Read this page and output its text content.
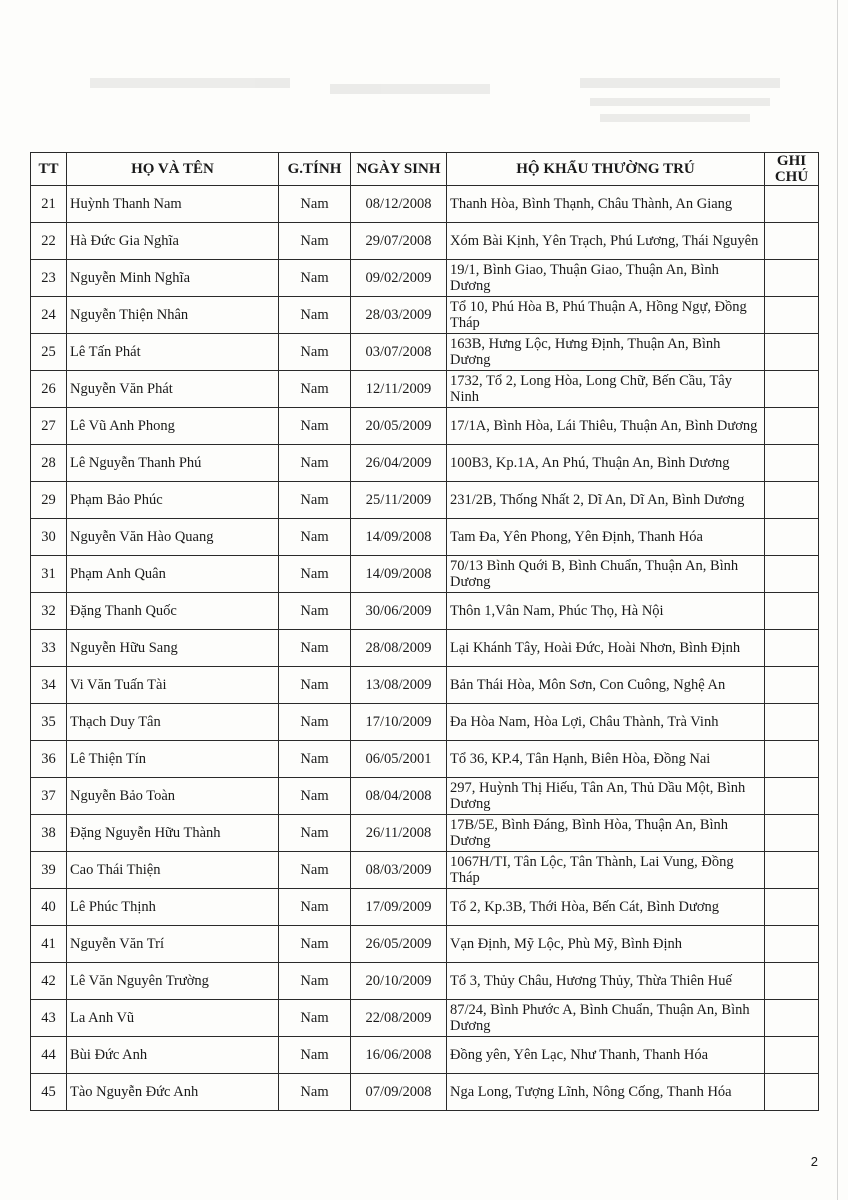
TT	HỌ VÀ TÊN	G.TÍNH	NGÀY SINH	HỘ KHẨU THƯỜNG TRÚ	GHI CHÚ
21	Huỳnh Thanh Nam	Nam	08/12/2008	Thanh Hòa, Bình Thạnh, Châu Thành, An Giang	
22	Hà Đức Gia Nghĩa	Nam	29/07/2008	Xóm Bài Kịnh, Yên Trạch, Phú Lương, Thái Nguyên	
23	Nguyễn Minh Nghĩa	Nam	09/02/2009	19/1, Bình Giao, Thuận Giao, Thuận An, Bình Dương	
24	Nguyễn Thiện Nhân	Nam	28/03/2009	Tổ 10, Phú Hòa B, Phú Thuận A, Hồng Ngự, Đồng Tháp	
25	Lê Tấn Phát	Nam	03/07/2008	163B, Hưng Lộc, Hưng Định, Thuận An, Bình Dương	
26	Nguyễn Văn Phát	Nam	12/11/2009	1732, Tổ 2, Long Hòa, Long Chữ, Bến Cầu, Tây Ninh	
27	Lê Vũ Anh Phong	Nam	20/05/2009	17/1A, Bình Hòa, Lái Thiêu, Thuận An, Bình Dương	
28	Lê Nguyễn Thanh Phú	Nam	26/04/2009	100B3, Kp.1A, An Phú, Thuận An, Bình Dương	
29	Phạm Bảo Phúc	Nam	25/11/2009	231/2B, Thống Nhất 2, Dĩ An, Dĩ An, Bình Dương	
30	Nguyễn Văn Hào Quang	Nam	14/09/2008	Tam Đa, Yên Phong, Yên Định, Thanh Hóa	
31	Phạm Anh Quân	Nam	14/09/2008	70/13 Bình Quới B, Bình Chuẩn, Thuận An, Bình Dương	
32	Đặng Thanh Quốc	Nam	30/06/2009	Thôn 1,Vân Nam, Phúc Thọ, Hà Nội	
33	Nguyễn Hữu Sang	Nam	28/08/2009	Lại Khánh Tây, Hoài Đức, Hoài Nhơn, Bình Định	
34	Vi Văn Tuấn Tài	Nam	13/08/2009	Bản Thái Hòa, Môn Sơn, Con Cuông, Nghệ An	
35	Thạch Duy Tân	Nam	17/10/2009	Đa Hòa Nam, Hòa Lợi, Châu Thành, Trà Vinh	
36	Lê Thiện Tín	Nam	06/05/2001	Tổ 36, KP.4, Tân Hạnh, Biên Hòa, Đồng Nai	
37	Nguyễn Bảo Toàn	Nam	08/04/2008	297, Huỳnh Thị Hiếu, Tân An, Thủ Dầu Một, Bình Dương	
38	Đặng Nguyễn Hữu Thành	Nam	26/11/2008	17B/5E, Bình Đáng, Bình Hòa, Thuận An, Bình Dương	
39	Cao Thái Thiện	Nam	08/03/2009	1067H/TI, Tân Lộc, Tân Thành, Lai Vung, Đồng Tháp	
40	Lê Phúc Thịnh	Nam	17/09/2009	Tổ 2, Kp.3B, Thới Hòa, Bến Cát, Bình Dương	
41	Nguyễn Văn Trí	Nam	26/05/2009	Vạn Định, Mỹ Lộc, Phù Mỹ, Bình Định	
42	Lê Văn Nguyên Trường	Nam	20/10/2009	Tổ 3, Thủy Châu, Hương Thủy, Thừa Thiên Huế	
43	La Anh Vũ	Nam	22/08/2009	87/24, Bình Phước A, Bình Chuẩn, Thuận An, Bình Dương	
44	Bùi Đức Anh	Nam	16/06/2008	Đồng yên, Yên Lạc, Như Thanh, Thanh Hóa	
45	Tào Nguyễn Đức Anh	Nam	07/09/2008	Nga Long, Tượng Lĩnh, Nông Cống, Thanh Hóa	
2
